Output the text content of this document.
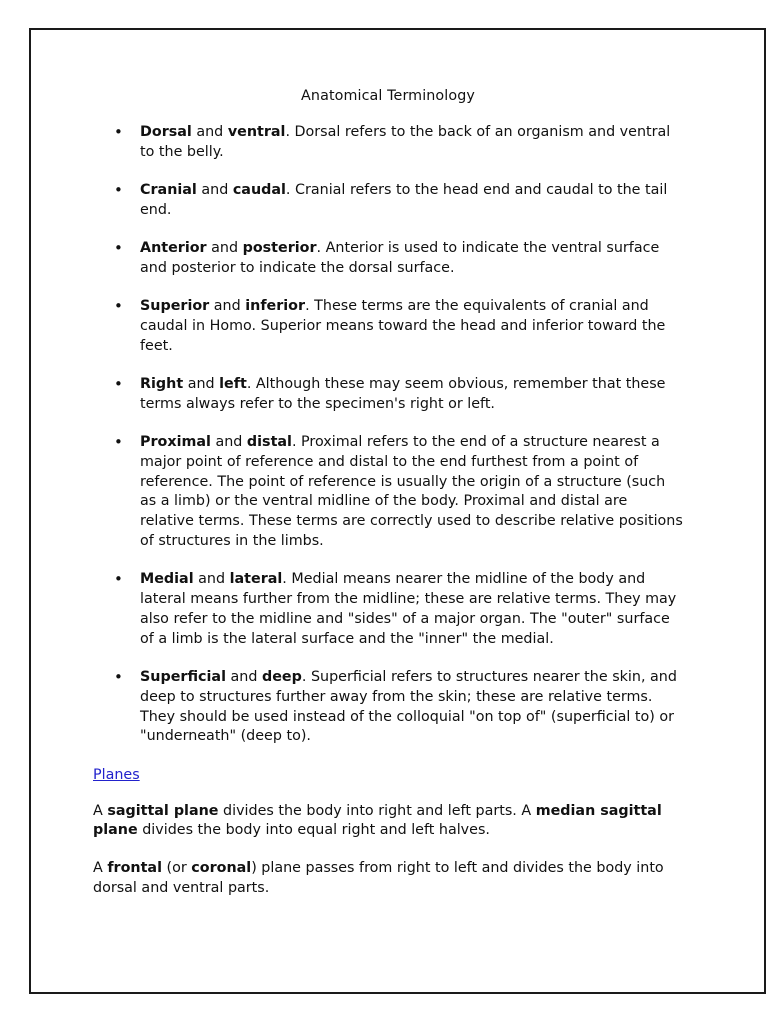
Anatomical Terminology
• Dorsal and ventral. Dorsal refers to the back of an organism and ventral to the belly.
• Cranial and caudal. Cranial refers to the head end and caudal to the tail end.
• Anterior and posterior. Anterior is used to indicate the ventral surface and posterior to indicate the dorsal surface.
• Superior and inferior. These terms are the equivalents of cranial and caudal in Homo. Superior means toward the head and inferior toward the feet.
• Right and left. Although these may seem obvious, remember that these terms always refer to the specimen's right or left.
• Proximal and distal. Proximal refers to the end of a structure nearest a major point of reference and distal to the end furthest from a point of reference. The point of reference is usually the origin of a structure (such as a limb) or the ventral midline of the body. Proximal and distal are relative terms. These terms are correctly used to describe relative positions of structures in the limbs.
• Medial and lateral. Medial means nearer the midline of the body and lateral means further from the midline; these are relative terms. They may also refer to the midline and "sides" of a major organ. The "outer" surface of a limb is the lateral surface and the "inner" the medial.
• Superficial and deep. Superficial refers to structures nearer the skin, and deep to structures further away from the skin; these are relative terms. They should be used instead of the colloquial "on top of" (superficial to) or "underneath" (deep to).
Planes

A sagittal plane divides the body into right and left parts. A median sagittal plane divides the body into equal right and left halves.

A frontal (or coronal) plane passes from right to left and divides the body into dorsal and ventral parts.
